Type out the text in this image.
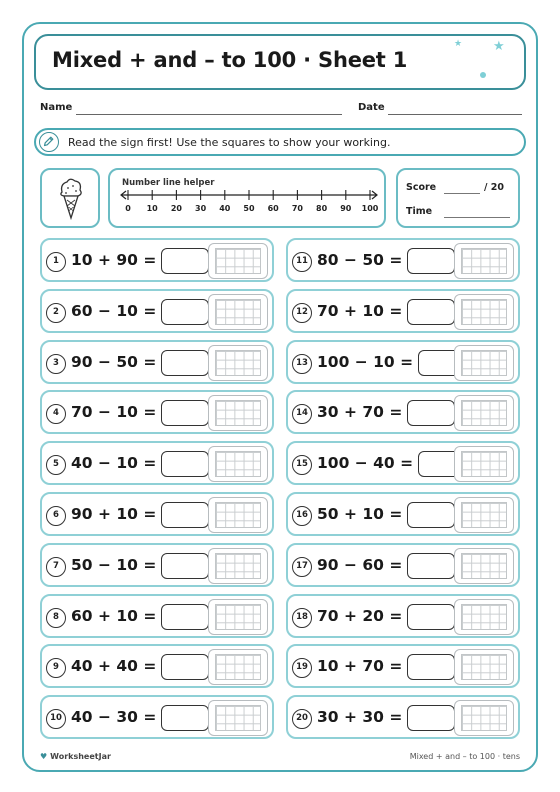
Mixed + and – to 100 · Sheet 1
★ ★
Name	Date
Read the sign first! Use the squares to show your working.
Number line helper
0 10 20 30 40 50 60 70 80 90 100
Score	/ 20
Time
1 10 + 90 =
2 60 − 10 =
3 90 − 50 =
4 70 − 10 =
5 40 − 10 =
6 90 + 10 =
7 50 − 10 =
8 60 + 10 =
9 40 + 40 =
10 40 − 30 =
11 80 − 50 =
12 70 + 10 =
13 100 − 10 =
14 30 + 70 =
15 100 − 40 =
16 50 + 10 =
17 90 − 60 =
18 70 + 20 =
19 10 + 70 =
20 30 + 30 =
♥ WorksheetJar	Mixed + and – to 100 · tens
